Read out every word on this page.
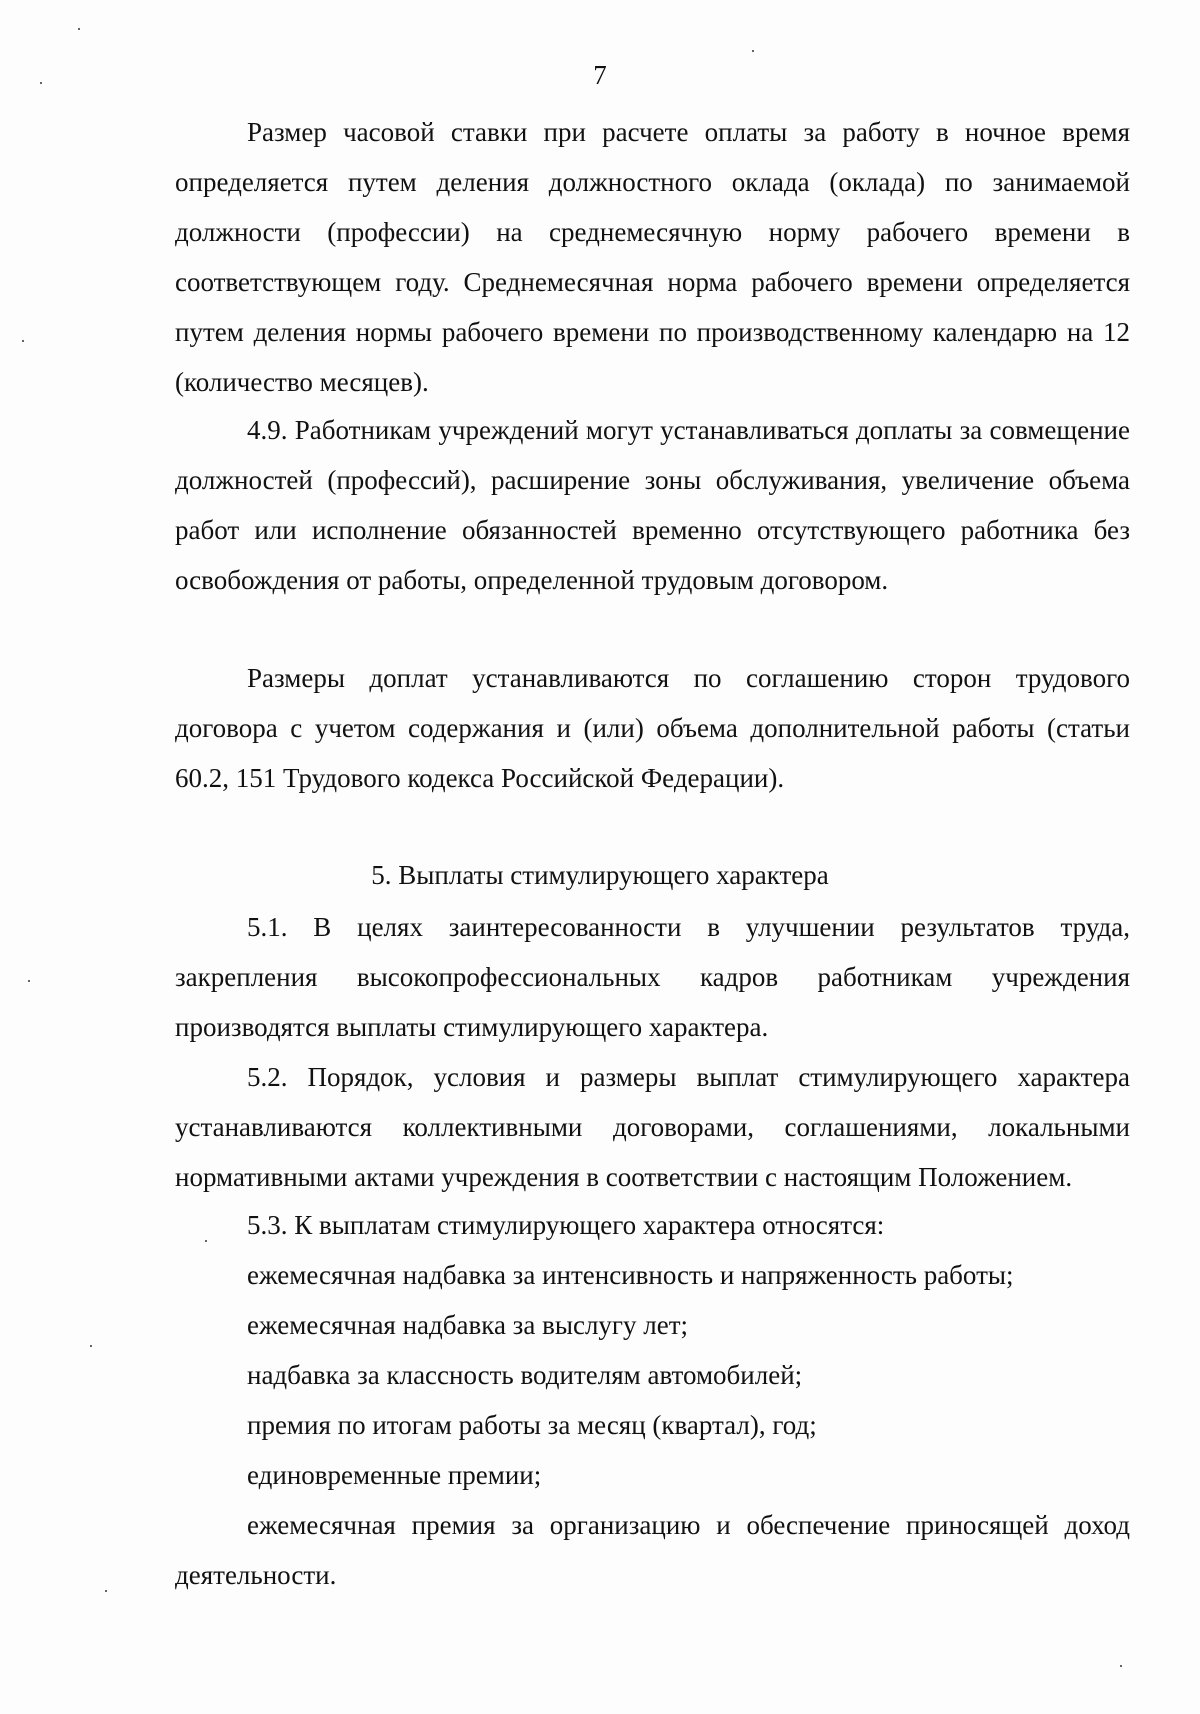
7

Размер часовой ставки при расчете оплаты за работу в ночное время определяется путем деления должностного оклада (оклада) по занимаемой должности (профессии) на среднемесячную норму рабочего времени в соответствующем году. Среднемесячная норма рабочего времени определяется путем деления нормы рабочего времени по производственному календарю на 12 (количество месяцев).

4.9. Работникам учреждений могут устанавливаться доплаты за совмещение должностей (профессий), расширение зоны обслуживания, увеличение объема работ или исполнение обязанностей временно отсутствующего работника без освобождения от работы, определенной трудовым договором.

Размеры доплат устанавливаются по соглашению сторон трудового договора с учетом содержания и (или) объема дополнительной работы (статьи 60.2, 151 Трудового кодекса Российской Федерации).

5. Выплаты стимулирующего характера

5.1. В целях заинтересованности в улучшении результатов труда, закрепления высокопрофессиональных кадров работникам учреждения производятся выплаты стимулирующего характера.

5.2. Порядок, условия и размеры выплат стимулирующего характера устанавливаются коллективными договорами, соглашениями, локальными нормативными актами учреждения в соответствии с настоящим Положением.

5.3. К выплатам стимулирующего характера относятся:

ежемесячная надбавка за интенсивность и напряженность работы;

ежемесячная надбавка за выслугу лет;

надбавка за классность водителям автомобилей;

премия по итогам работы за месяц (квартал), год;

единовременные премии;

ежемесячная премия за организацию и обеспечение приносящей доход деятельности.
